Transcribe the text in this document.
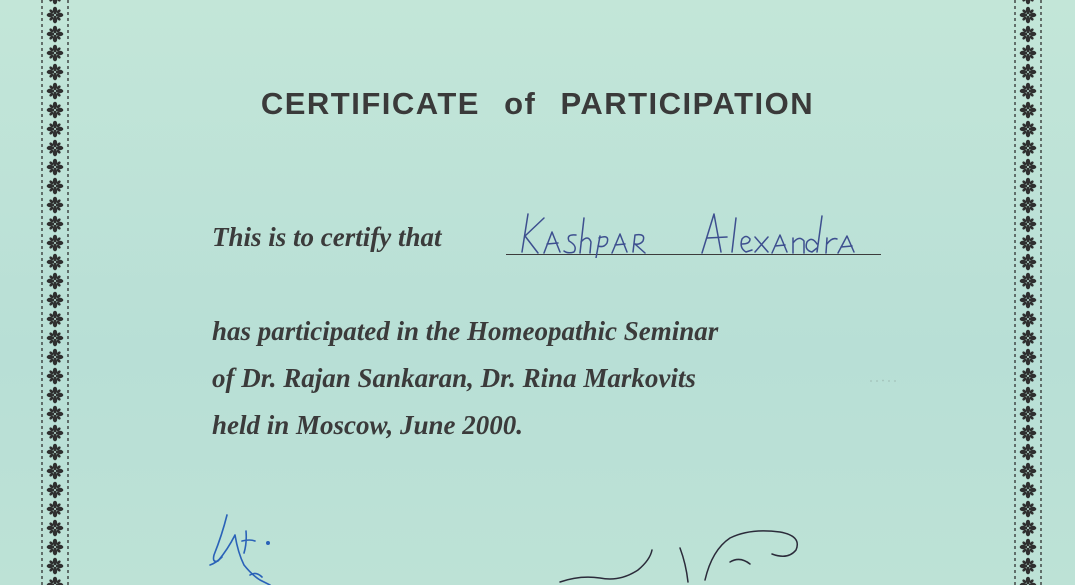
CERTIFICATE of PARTICIPATION
This is to certify that
has participated in the Homeopathic Seminar
of Dr. Rajan Sankaran, Dr. Rina Markovits
held in Moscow, June 2000.
